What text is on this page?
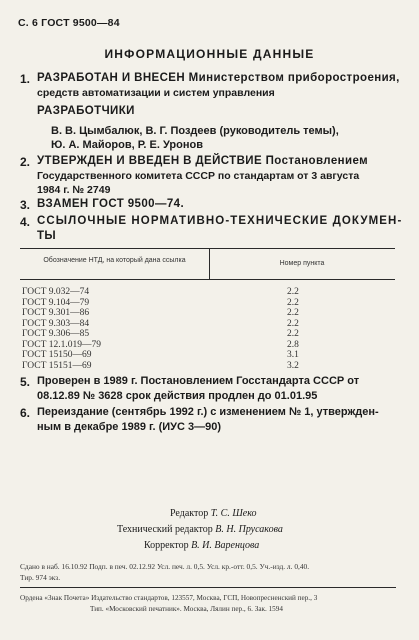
С. 6 ГОСТ 9500—84
ИНФОРМАЦИОННЫЕ ДАННЫЕ
1. РАЗРАБОТАН И ВНЕСЕН Министерством приборостроения,
средств автоматизации и систем управления
РАЗРАБОТЧИКИ
В. В. Цымбалюк, В. Г. Поздеев (руководитель темы),
Ю. А. Майоров, Р. Е. Уронов
2. УТВЕРЖДЕН И ВВЕДЕН В ДЕЙСТВИЕ Постановлением
Государственного комитета СССР по стандартам от 3 августа
1984 г. № 2749
3. ВЗАМЕН ГОСТ 9500—74.
4. ССЫЛОЧНЫЕ НОРМАТИВНО-ТЕХНИЧЕСКИЕ ДОКУМЕН-
ТЫ
Обозначение НТД, на который дана ссылка	Номер пункта
ГОСТ 9.032—74	2.2
ГОСТ 9.104—79	2.2
ГОСТ 9.301—86	2.2
ГОСТ 9.303—84	2.2
ГОСТ 9.306—85	2.2
ГОСТ 12.1.019—79	2.8
ГОСТ 15150—69	3.1
ГОСТ 15151—69	3.2
5. Проверен в 1989 г. Постановлением Госстандарта СССР от
08.12.89 № 3628 срок действия продлен до 01.01.95
6. Переиздание (сентябрь 1992 г.) с изменением № 1, утвержден-
ным в декабре 1989 г. (ИУС 3—90)
Редактор Т. С. Шеко
Технический редактор В. Н. Прусакова
Корректор В. И. Варенцова
Сдано в наб. 16.10.92 Подп. в печ. 02.12.92 Усл. печ. л. 0,5. Усл. кр.-отт. 0,5. Уч.-изд. л. 0,40.
Тир. 974 экз.
Ордена «Знак Почета» Издательство стандартов, 123557, Москва, ГСП, Новопресненский пер., 3
Тип. «Московский печатник». Москва, Лялин пер., 6. Зак. 1594
